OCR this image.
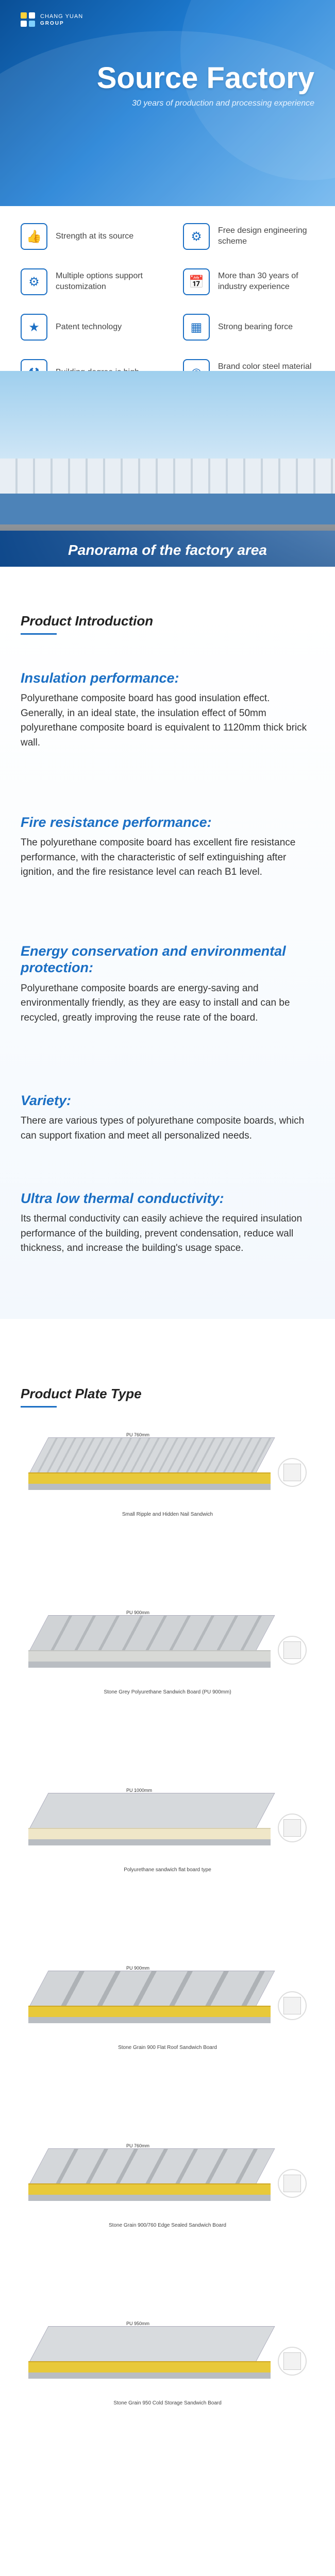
CHANG YUAN
GROUP
Source Factory
30 years of production and processing experience
👍	Strength at its source	⚙	Free design engineering scheme
⚙	Multiple options support customization	📅	More than 30 years of industry experience
★	Patent technology	▦	Strong bearing force
Brand color steel material
Panorama of the factory area
Product Introduction
Insulation performance:
Polyurethane composite board has good insulation effect. Generally, in an ideal state, the insulation effect of 50mm polyurethane composite board is equivalent to 1120mm thick brick wall.
Fire resistance performance:
The polyurethane composite board has excellent fire resistance performance, with the characteristic of self extinguishing after ignition, and the fire resistance level can reach B1 level.
Energy conservation and environmental protection:
Polyurethane composite boards are energy-saving and environmentally friendly, as they are easy to install and can be recycled, greatly improving the reuse rate of the board.
Variety:
There are various types of polyurethane composite boards, which can support fixation and meet all personalized needs.
Ultra low thermal conductivity:
Its thermal conductivity can easily achieve the required insulation performance of the building, prevent condensation, reduce wall thickness, and increase the building's usage space.
Product Plate Type
PU 760mm
Small Ripple and Hidden Nail Sandwich
PU 900mm
Stone Grey Polyurethane Sandwich Board (PU 900mm)
PU 1000mm
Polyurethane sandwich flat board type
PU 900mm
Stone Grain 900 Flat Roof Sandwich Board
PU 760mm
Stone Grain 900/760 Edge Sealed Sandwich Board
PU 950mm
Stone Grain 950 Cold Storage Sandwich Board
